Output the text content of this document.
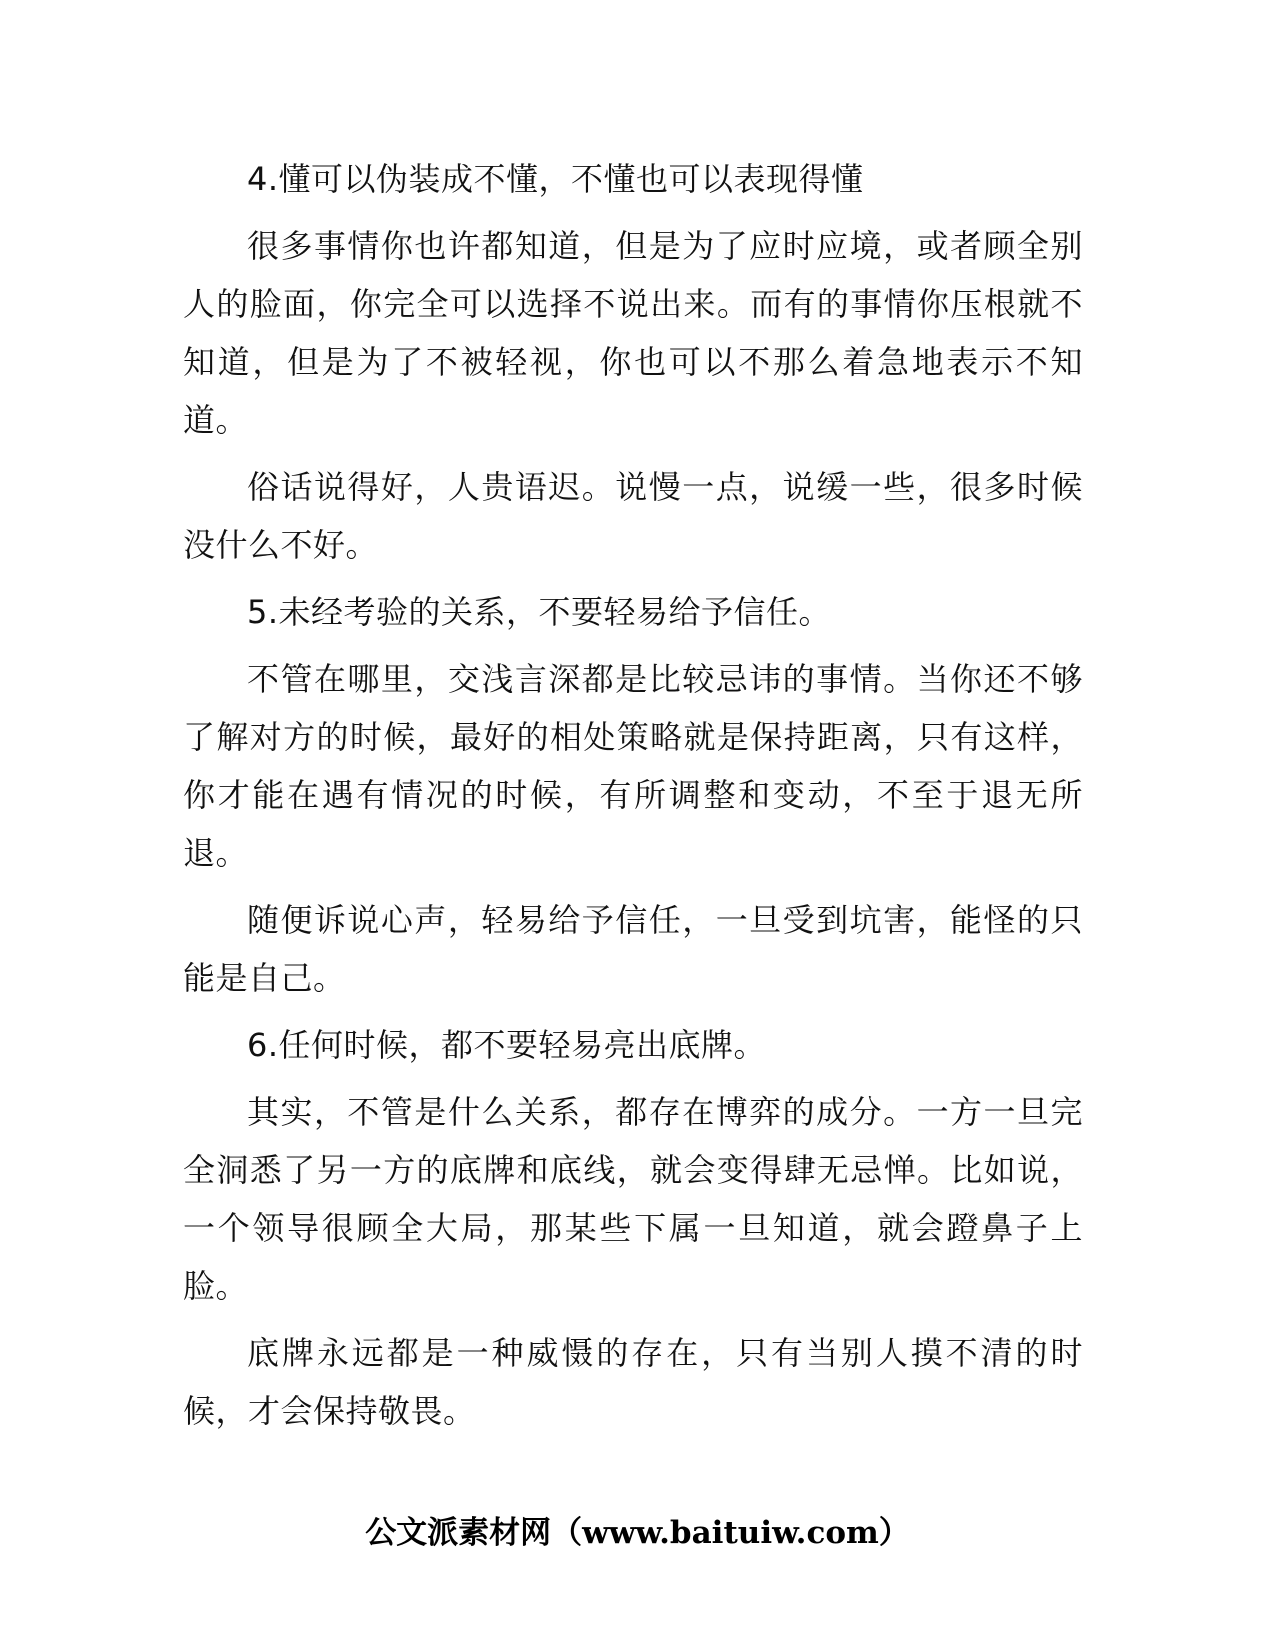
4.懂可以伪装成不懂，不懂也可以表现得懂

很多事情你也许都知道，但是为了应时应境，或者顾全别人的脸面，你完全可以选择不说出来。而有的事情你压根就不知道，但是为了不被轻视，你也可以不那么着急地表示不知道。

俗话说得好，人贵语迟。说慢一点，说缓一些，很多时候没什么不好。

5.未经考验的关系，不要轻易给予信任。

不管在哪里，交浅言深都是比较忌讳的事情。当你还不够了解对方的时候，最好的相处策略就是保持距离，只有这样，你才能在遇有情况的时候，有所调整和变动，不至于退无所退。

随便诉说心声，轻易给予信任，一旦受到坑害，能怪的只能是自己。

6.任何时候，都不要轻易亮出底牌。

其实，不管是什么关系，都存在博弈的成分。一方一旦完全洞悉了另一方的底牌和底线，就会变得肆无忌惮。比如说，一个领导很顾全大局，那某些下属一旦知道，就会蹬鼻子上脸。

底牌永远都是一种威慑的存在，只有当别人摸不清的时候，才会保持敬畏。

公文派素材网（www.baituiw.com）
